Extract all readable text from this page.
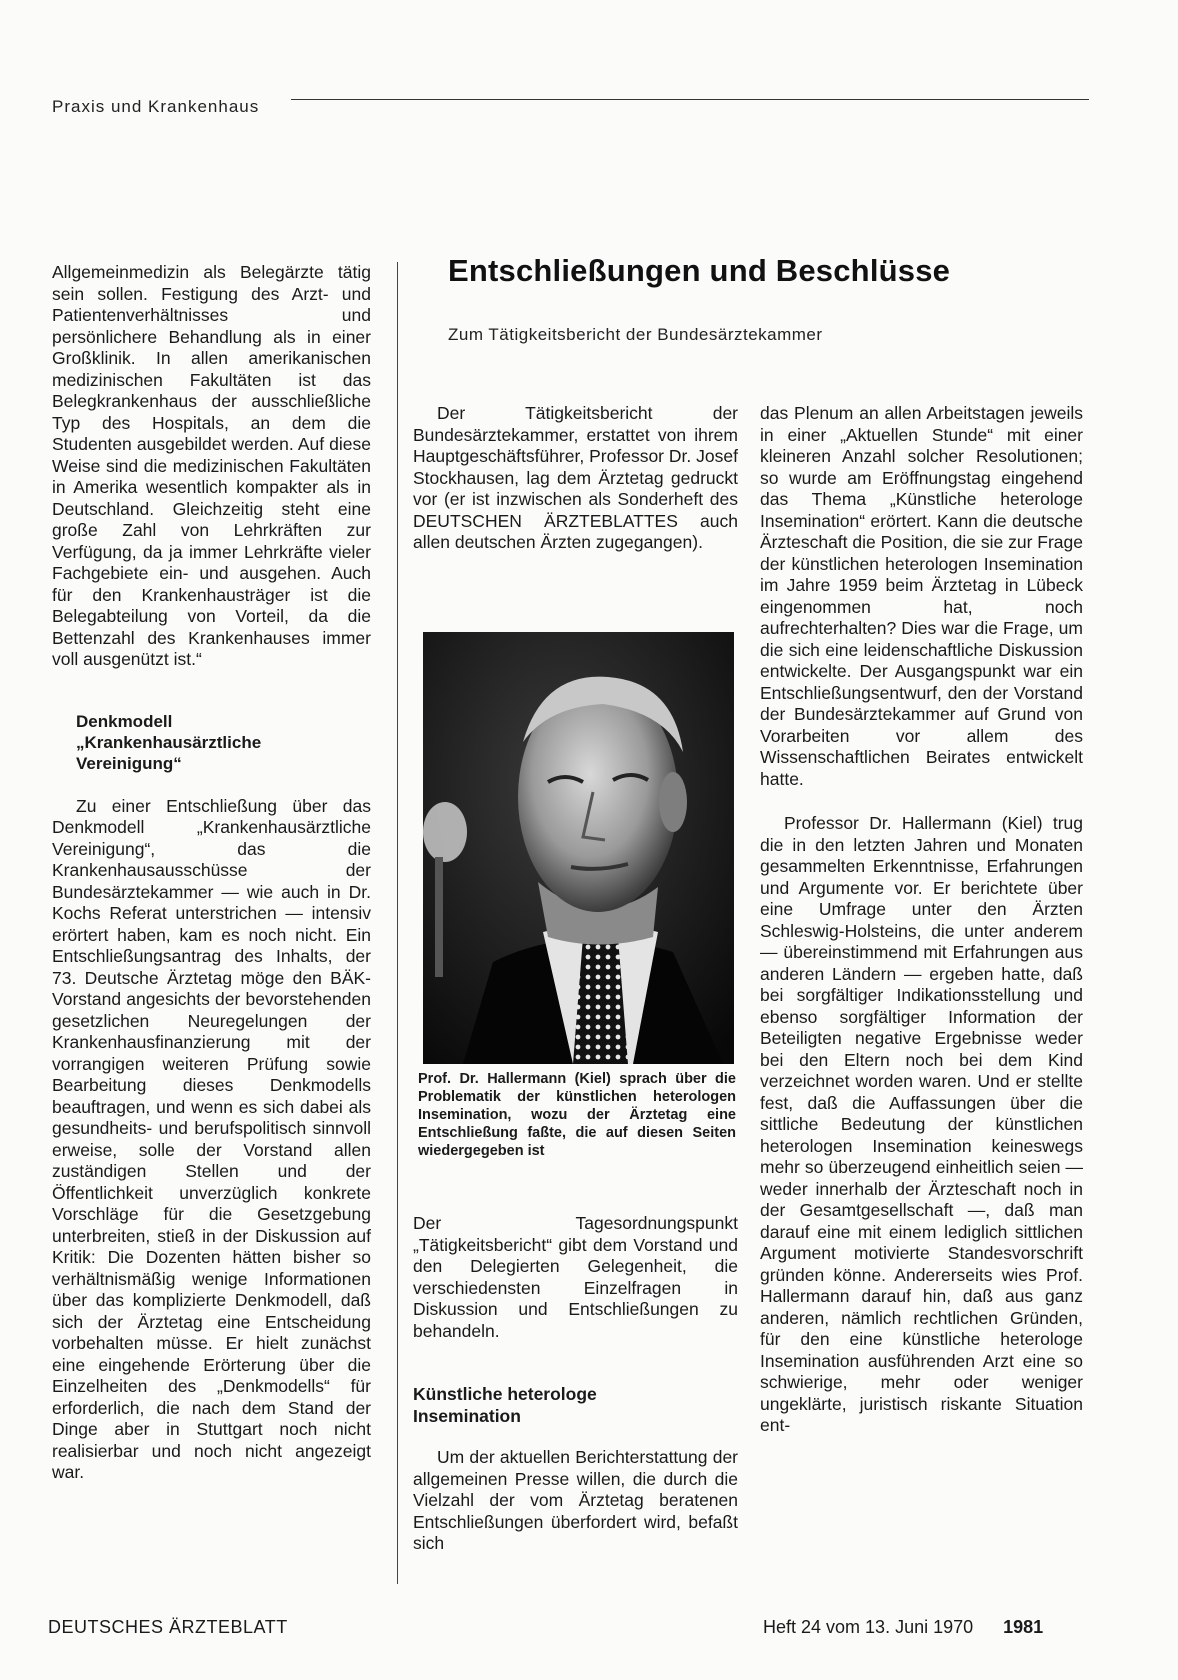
Praxis und Krankenhaus

Allgemeinmedizin als Belegärzte tätig sein sollen. Festigung des Arzt- und Patientenverhältnisses und persönlichere Behandlung als in einer Großklinik. In allen amerikanischen medizinischen Fakultäten ist das Belegkrankenhaus der ausschließliche Typ des Hospitals, an dem die Studenten ausgebildet werden. Auf diese Weise sind die medizinischen Fakultäten in Amerika wesentlich kompakter als in Deutschland. Gleichzeitig steht eine große Zahl von Lehrkräften zur Verfügung, da ja immer Lehrkräfte vieler Fachgebiete ein- und ausgehen. Auch für den Krankenhausträger ist die Belegabteilung von Vorteil, da die Bettenzahl des Krankenhauses immer voll ausgenützt ist.“

Denkmodell „Krankenhausärztliche Vereinigung“

Zu einer Entschließung über das Denkmodell „Krankenhausärztliche Vereinigung“, das die Krankenhausausschüsse der Bundesärztekammer — wie auch in Dr. Kochs Referat unterstrichen — intensiv erörtert haben, kam es noch nicht. Ein Entschließungsantrag des Inhalts, der 73. Deutsche Ärztetag möge den BÄK-Vorstand angesichts der bevorstehenden gesetzlichen Neuregelungen der Krankenhausfinanzierung mit der vorrangigen weiteren Prüfung sowie Bearbeitung dieses Denkmodells beauftragen, und wenn es sich dabei als gesundheits- und berufspolitisch sinnvoll erweise, solle der Vorstand allen zuständigen Stellen und der Öffentlichkeit unverzüglich konkrete Vorschläge für die Gesetzgebung unterbreiten, stieß in der Diskussion auf Kritik: Die Dozenten hätten bisher so verhältnismäßig wenige Informationen über das komplizierte Denkmodell, daß sich der Ärztetag eine Entscheidung vorbehalten müsse. Er hielt zunächst eine eingehende Erörterung über die Einzelheiten des „Denkmodells“ für erforderlich, die nach dem Stand der Dinge aber in Stuttgart noch nicht realisierbar und noch nicht angezeigt war.

Entschließungen und Beschlüsse
Zum Tätigkeitsbericht der Bundesärztekammer

Der Tätigkeitsbericht der Bundesärztekammer, erstattet von ihrem Hauptgeschäftsführer, Professor Dr. Josef Stockhausen, lag dem Ärztetag gedruckt vor (er ist inzwischen als Sonderheft des DEUTSCHEN ÄRZTEBLATTES auch allen deutschen Ärzten zugegangen).

Prof. Dr. Hallermann (Kiel) sprach über die Problematik der künstlichen heterologen Insemination, wozu der Ärztetag eine Entschließung faßte, die auf diesen Seiten wiedergegeben ist

Der Tagesordnungspunkt „Tätigkeitsbericht“ gibt dem Vorstand und den Delegierten Gelegenheit, die verschiedensten Einzelfragen in Diskussion und Entschließungen zu behandeln.

Künstliche heterologe Insemination

Um der aktuellen Berichterstattung der allgemeinen Presse willen, die durch die Vielzahl der vom Ärztetag beratenen Entschließungen überfordert wird, befaßt sich

das Plenum an allen Arbeitstagen jeweils in einer „Aktuellen Stunde“ mit einer kleineren Anzahl solcher Resolutionen; so wurde am Eröffnungstag eingehend das Thema „Künstliche heterologe Insemination“ erörtert. Kann die deutsche Ärzteschaft die Position, die sie zur Frage der künstlichen heterologen Insemination im Jahre 1959 beim Ärztetag in Lübeck eingenommen hat, noch aufrechterhalten? Dies war die Frage, um die sich eine leidenschaftliche Diskussion entwickelte. Der Ausgangspunkt war ein Entschließungsentwurf, den der Vorstand der Bundesärztekammer auf Grund von Vorarbeiten vor allem des Wissenschaftlichen Beirates entwickelt hatte.

Professor Dr. Hallermann (Kiel) trug die in den letzten Jahren und Monaten gesammelten Erkenntnisse, Erfahrungen und Argumente vor. Er berichtete über eine Umfrage unter den Ärzten Schleswig-Holsteins, die unter anderem — übereinstimmend mit Erfahrungen aus anderen Ländern — ergeben hatte, daß bei sorgfältiger Indikationsstellung und ebenso sorgfältiger Information der Beteiligten negative Ergebnisse weder bei den Eltern noch bei dem Kind verzeichnet worden waren. Und er stellte fest, daß die Auffassungen über die sittliche Bedeutung der künstlichen heterologen Insemination keineswegs mehr so überzeugend einheitlich seien — weder innerhalb der Ärzteschaft noch in der Gesamtgesellschaft —, daß man darauf eine mit einem lediglich sittlichen Argument motivierte Standesvorschrift gründen könne. Andererseits wies Prof. Hallermann darauf hin, daß aus ganz anderen, nämlich rechtlichen Gründen, für den eine künstliche heterologe Insemination ausführenden Arzt eine so schwierige, mehr oder weniger ungeklärte, juristisch riskante Situation ent-

DEUTSCHES ÄRZTEBLATT	Heft 24 vom 13. Juni 1970 1981
